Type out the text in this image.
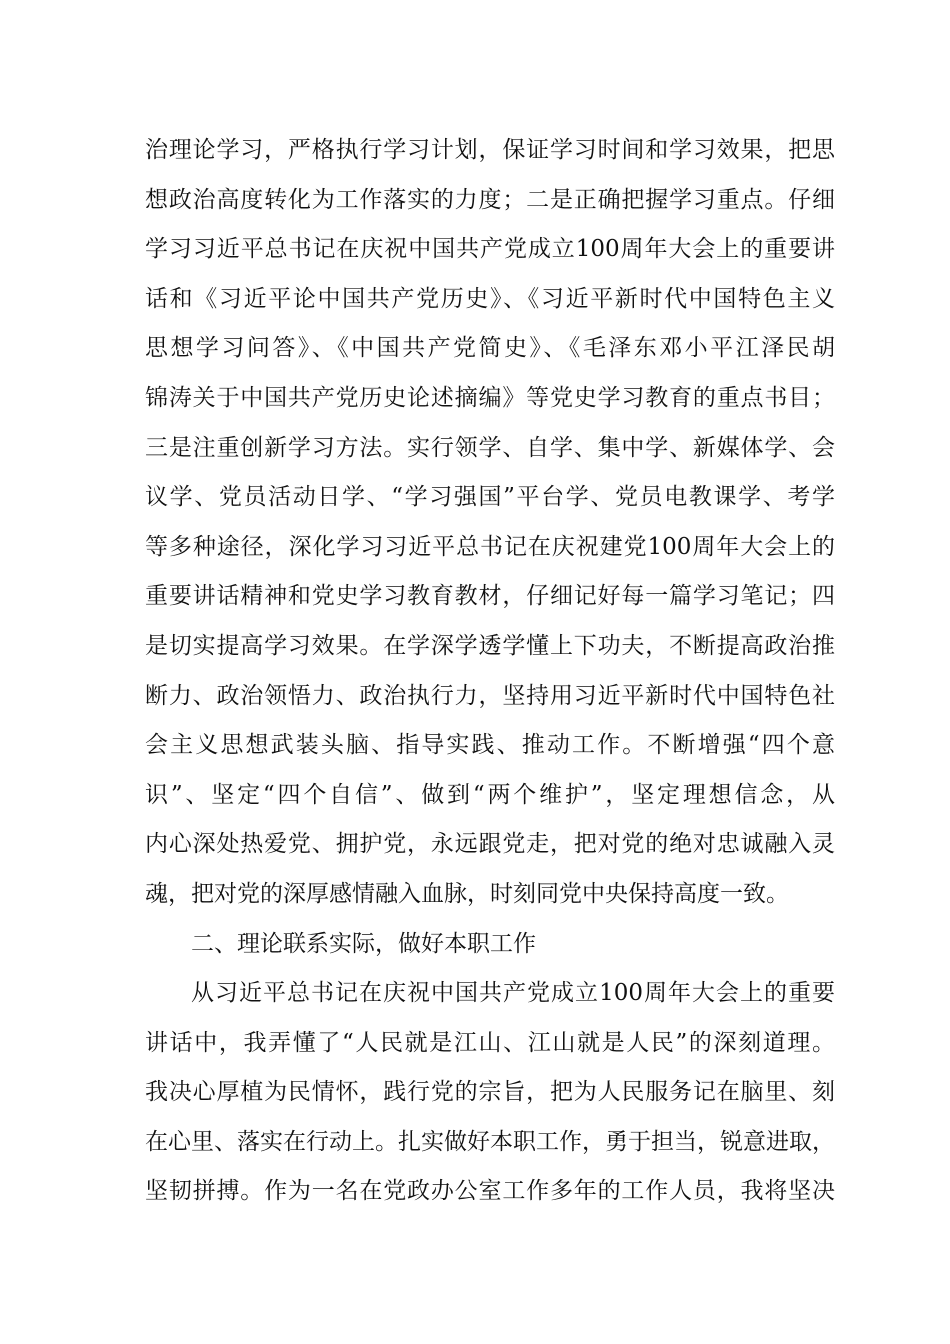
治理论学习，严格执行学习计划，保证学习时间和学习效果，把思
想政治高度转化为工作落实的力度；二是正确把握学习重点。仔细
学习习近平总书记在庆祝中国共产党成立100周年大会上的重要讲
话和《习近平论中国共产党历史》、《习近平新时代中国特色主义
思想学习问答》、《中国共产党简史》、《毛泽东邓小平江泽民胡
锦涛关于中国共产党历史论述摘编》等党史学习教育的重点书目；
三是注重创新学习方法。实行领学、自学、集中学、新媒体学、会
议学、党员活动日学、“学习强国”平台学、党员电教课学、考学
等多种途径，深化学习习近平总书记在庆祝建党100周年大会上的
重要讲话精神和党史学习教育教材，仔细记好每一篇学习笔记；四
是切实提高学习效果。在学深学透学懂上下功夫，不断提高政治推
断力、政治领悟力、政治执行力，坚持用习近平新时代中国特色社
会主义思想武装头脑、指导实践、推动工作。不断增强“四个意
识”、坚定“四个自信”、做到“两个维护”，坚定理想信念，从
内心深处热爱党、拥护党，永远跟党走，把对党的绝对忠诚融入灵
魂，把对党的深厚感情融入血脉，时刻同党中央保持高度一致。
二、理论联系实际，做好本职工作
从习近平总书记在庆祝中国共产党成立100周年大会上的重要
讲话中，我弄懂了“人民就是江山、江山就是人民”的深刻道理。
我决心厚植为民情怀，践行党的宗旨，把为人民服务记在脑里、刻
在心里、落实在行动上。扎实做好本职工作，勇于担当，锐意进取，
坚韧拼搏。作为一名在党政办公室工作多年的工作人员，我将坚决
